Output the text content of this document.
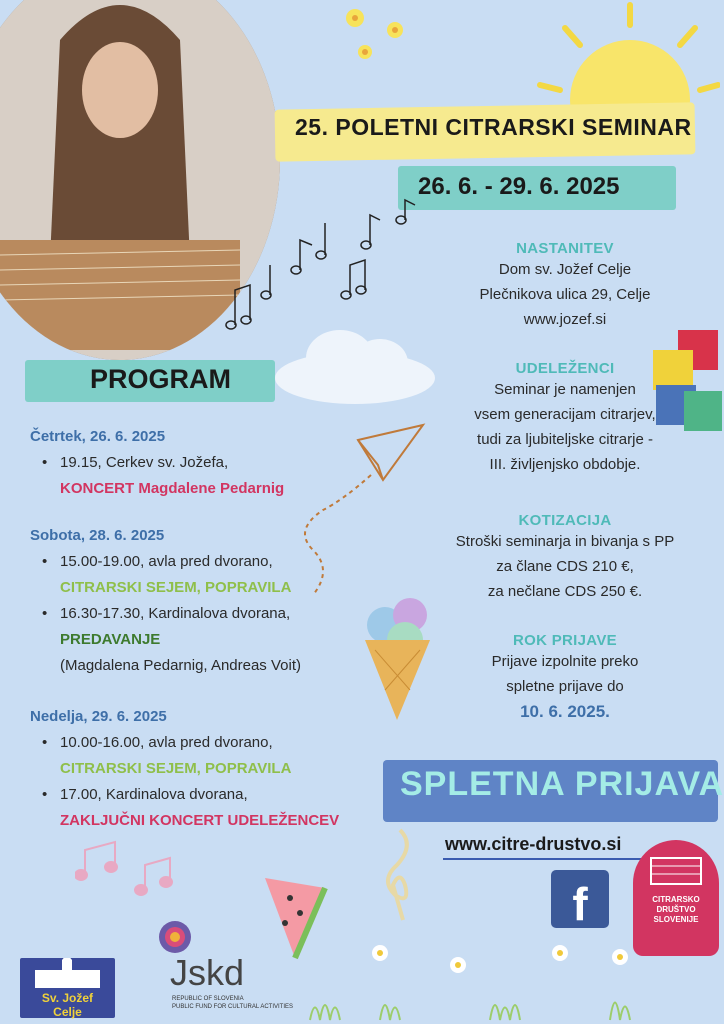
25. POLETNI CITRARSKI SEMINAR
26. 6. - 29. 6. 2025
PROGRAM
Četrtek, 26. 6. 2025
• 19.15, Cerkev sv. Jožefa,
KONCERT Magdalene Pedarnig
Sobota, 28. 6. 2025
• 15.00-19.00, avla pred dvorano,
CITRARSKI SEJEM, POPRAVILA
• 16.30-17.30, Kardinalova dvorana,
PREDAVANJE
(Magdalena Pedarnig, Andreas Voit)
Nedelja, 29. 6. 2025
• 10.00-16.00, avla pred dvorano,
CITRARSKI SEJEM, POPRAVILA
• 17.00, Kardinalova dvorana,
ZAKLJUČNI KONCERT UDELEŽENCEV
NASTANITEV
Dom sv. Jožef Celje
Plečnikova ulica 29, Celje
www.jozef.si
UDELEŽENCI
Seminar je namenjen
vsem generacijam citrarjev,
tudi za ljubiteljske citrarje -
III. življenjsko obdobje.
KOTIZACIJA
Stroški seminarja in bivanja s PP
za člane CDS 210 €,
za nečlane CDS 250 €.
ROK PRIJAVE
Prijave izpolnite preko
spletne prijave do
10. 6. 2025.
SPLETNA PRIJAVA
www.citre-drustvo.si
Sv. Jožef
Celje
Jskd
REPUBLIC OF SLOVENIA
PUBLIC FUND FOR CULTURAL ACTIVITIES
f	CITRARSKO
DRUŠTVO
SLOVENIJE
